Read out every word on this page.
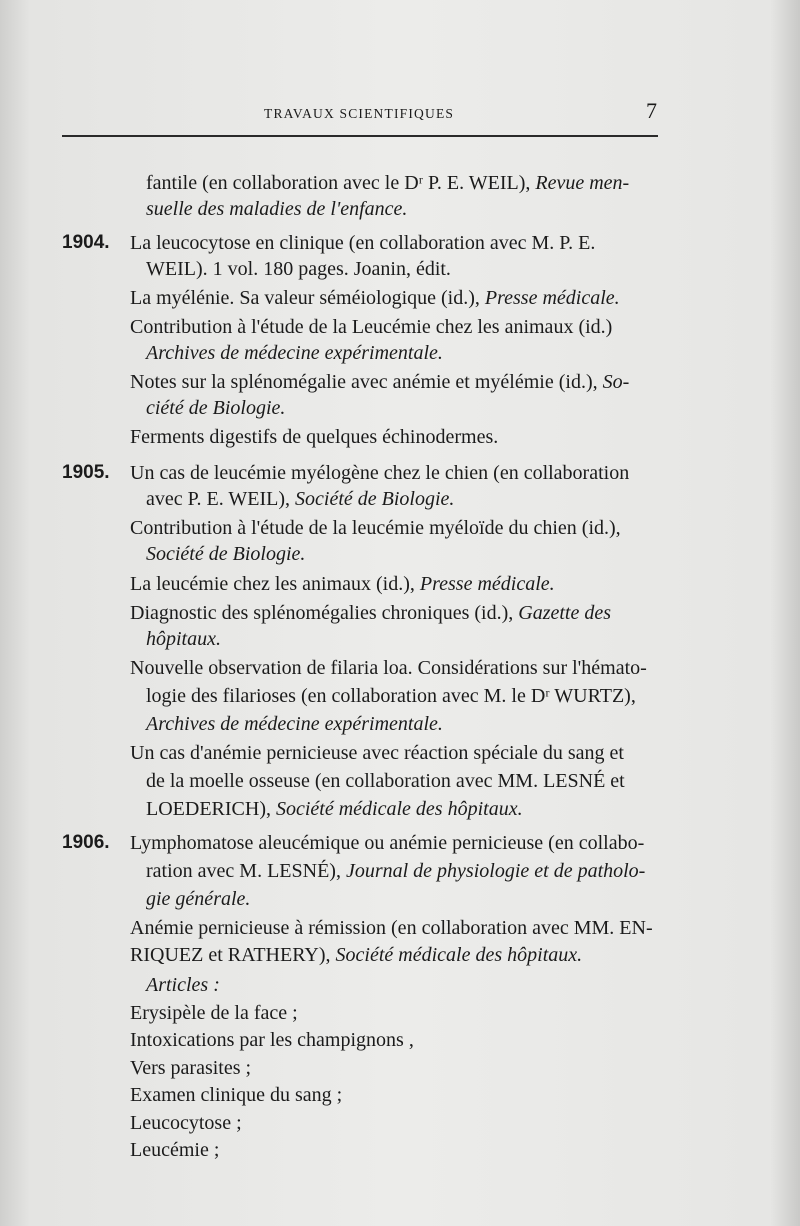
TRAVAUX SCIENTIFIQUES	7
fantile (en collaboration avec le Dʳ P. E. WEIL), Revue men-
suelle des maladies de l'enfance.
1904. La leucocytose en clinique (en collaboration avec M. P. E.
WEIL). 1 vol. 180 pages. Joanin, édit.
La myélénie. Sa valeur séméiologique (id.), Presse médicale.
Contribution à l'étude de la Leucémie chez les animaux (id.)
Archives de médecine expérimentale.
Notes sur la splénomégalie avec anémie et myélémie (id.), So-
ciété de Biologie.
Ferments digestifs de quelques échinodermes.
1905. Un cas de leucémie myélogène chez le chien (en collaboration
avec P. E. WEIL), Société de Biologie.
Contribution à l'étude de la leucémie myéloïde du chien (id.),
Société de Biologie.
La leucémie chez les animaux (id.), Presse médicale.
Diagnostic des splénomégalies chroniques (id.), Gazette des
hôpitaux.
Nouvelle observation de filaria loa. Considérations sur l'hémato-
logie des filarioses (en collaboration avec M. le Dʳ WURTZ),
Archives de médecine expérimentale.
Un cas d'anémie pernicieuse avec réaction spéciale du sang et
de la moelle osseuse (en collaboration avec MM. LESNÉ et
LOEDERICH), Société médicale des hôpitaux.
1906. Lymphomatose aleucémique ou anémie pernicieuse (en collabo-
ration avec M. LESNÉ), Journal de physiologie et de patholo-
gie générale.
Anémie pernicieuse à rémission (en collaboration avec MM. EN-
RIQUEZ et RATHERY), Société médicale des hôpitaux.
Articles :
Erysipèle de la face ;
Intoxications par les champignons ,
Vers parasites ;
Examen clinique du sang ;
Leucocytose ;
Leucémie ;
